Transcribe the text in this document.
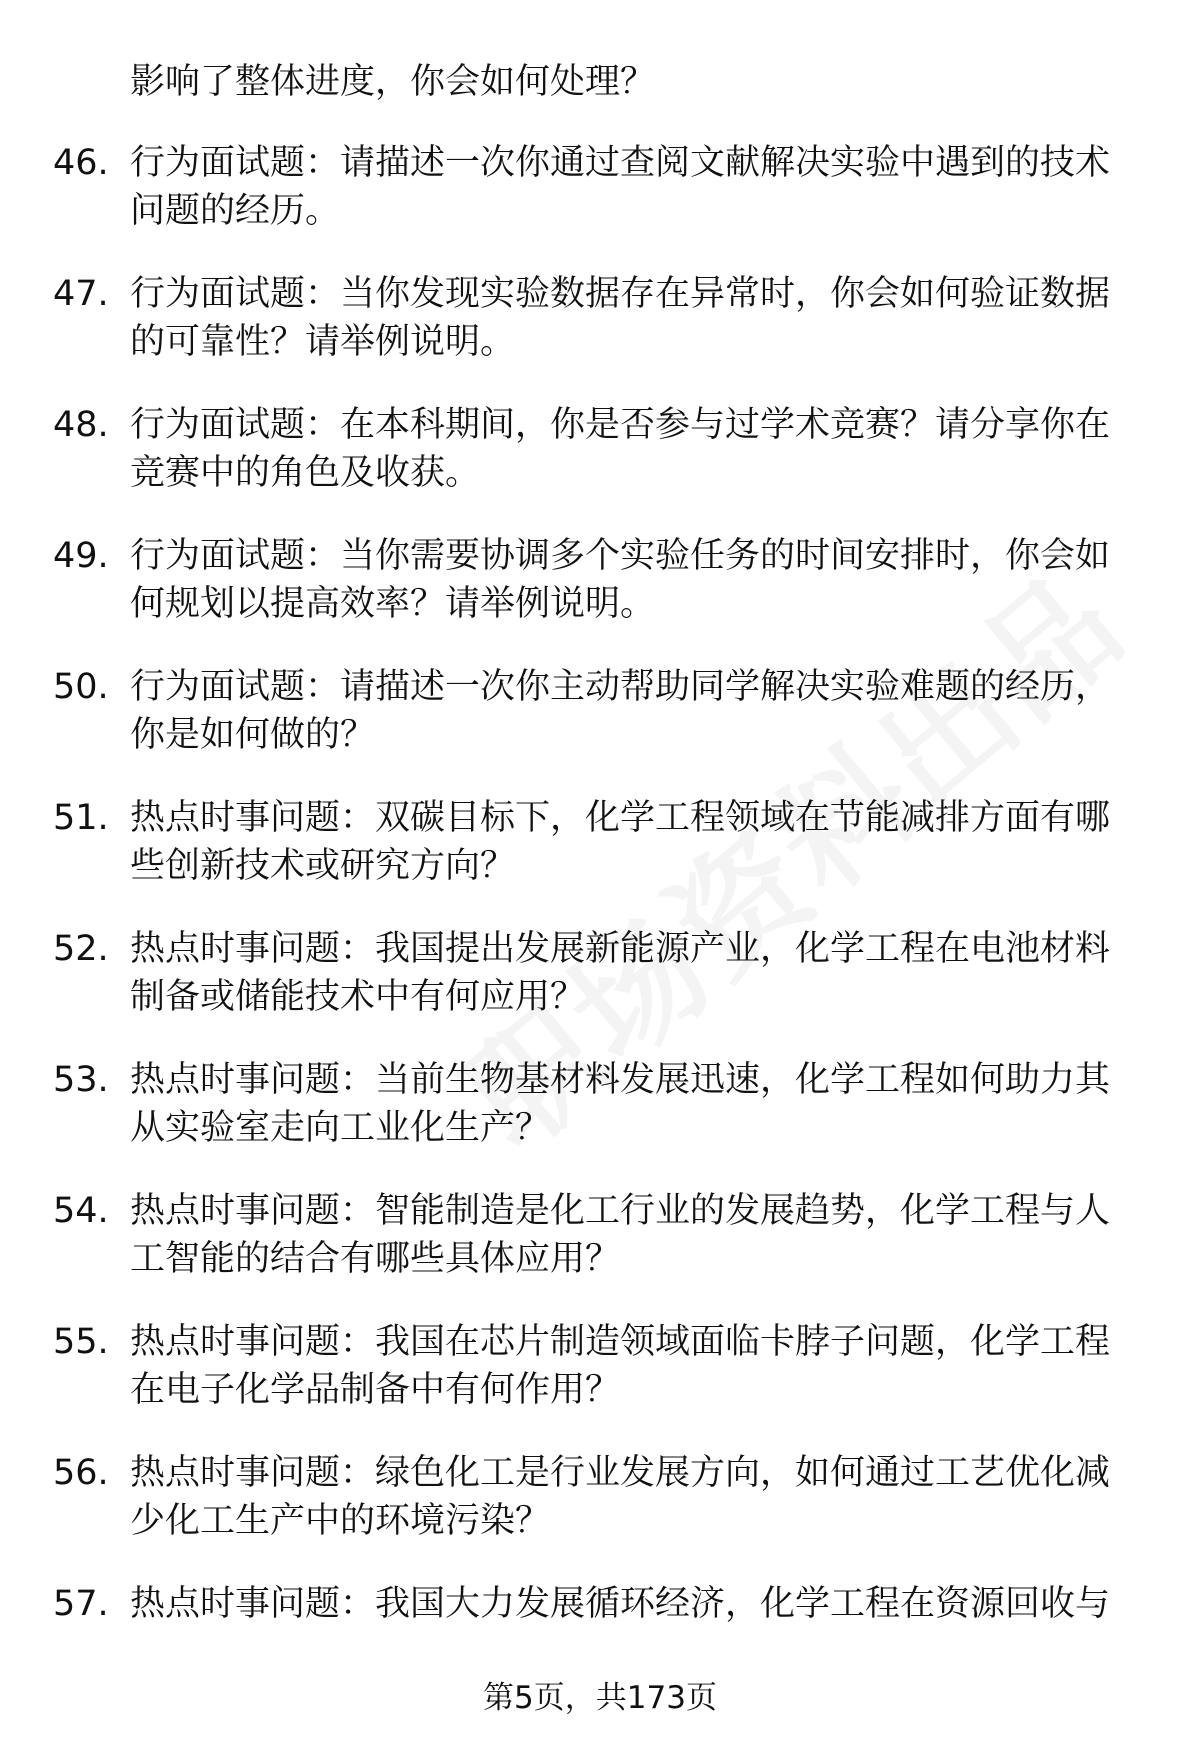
影响了整体进度，你会如何处理？
46. 行为面试题：请描述一次你通过查阅文献解决实验中遇到的技术
问题的经历。
47. 行为面试题：当你发现实验数据存在异常时，你会如何验证数据
的可靠性？请举例说明。
48. 行为面试题：在本科期间，你是否参与过学术竞赛？请分享你在
竞赛中的角色及收获。
49. 行为面试题：当你需要协调多个实验任务的时间安排时，你会如
何规划以提高效率？请举例说明。
50. 行为面试题：请描述一次你主动帮助同学解决实验难题的经历，
你是如何做的？
51. 热点时事问题：双碳目标下，化学工程领域在节能减排方面有哪
些创新技术或研究方向？
52. 热点时事问题：我国提出发展新能源产业，化学工程在电池材料
制备或储能技术中有何应用？
53. 热点时事问题：当前生物基材料发展迅速，化学工程如何助力其
从实验室走向工业化生产？
54. 热点时事问题：智能制造是化工行业的发展趋势，化学工程与人
工智能的结合有哪些具体应用？
55. 热点时事问题：我国在芯片制造领域面临卡脖子问题，化学工程
在电子化学品制备中有何作用？
56. 热点时事问题：绿色化工是行业发展方向，如何通过工艺优化减
少化工生产中的环境污染？
57. 热点时事问题：我国大力发展循环经济，化学工程在资源回收与
第5页，共173页
